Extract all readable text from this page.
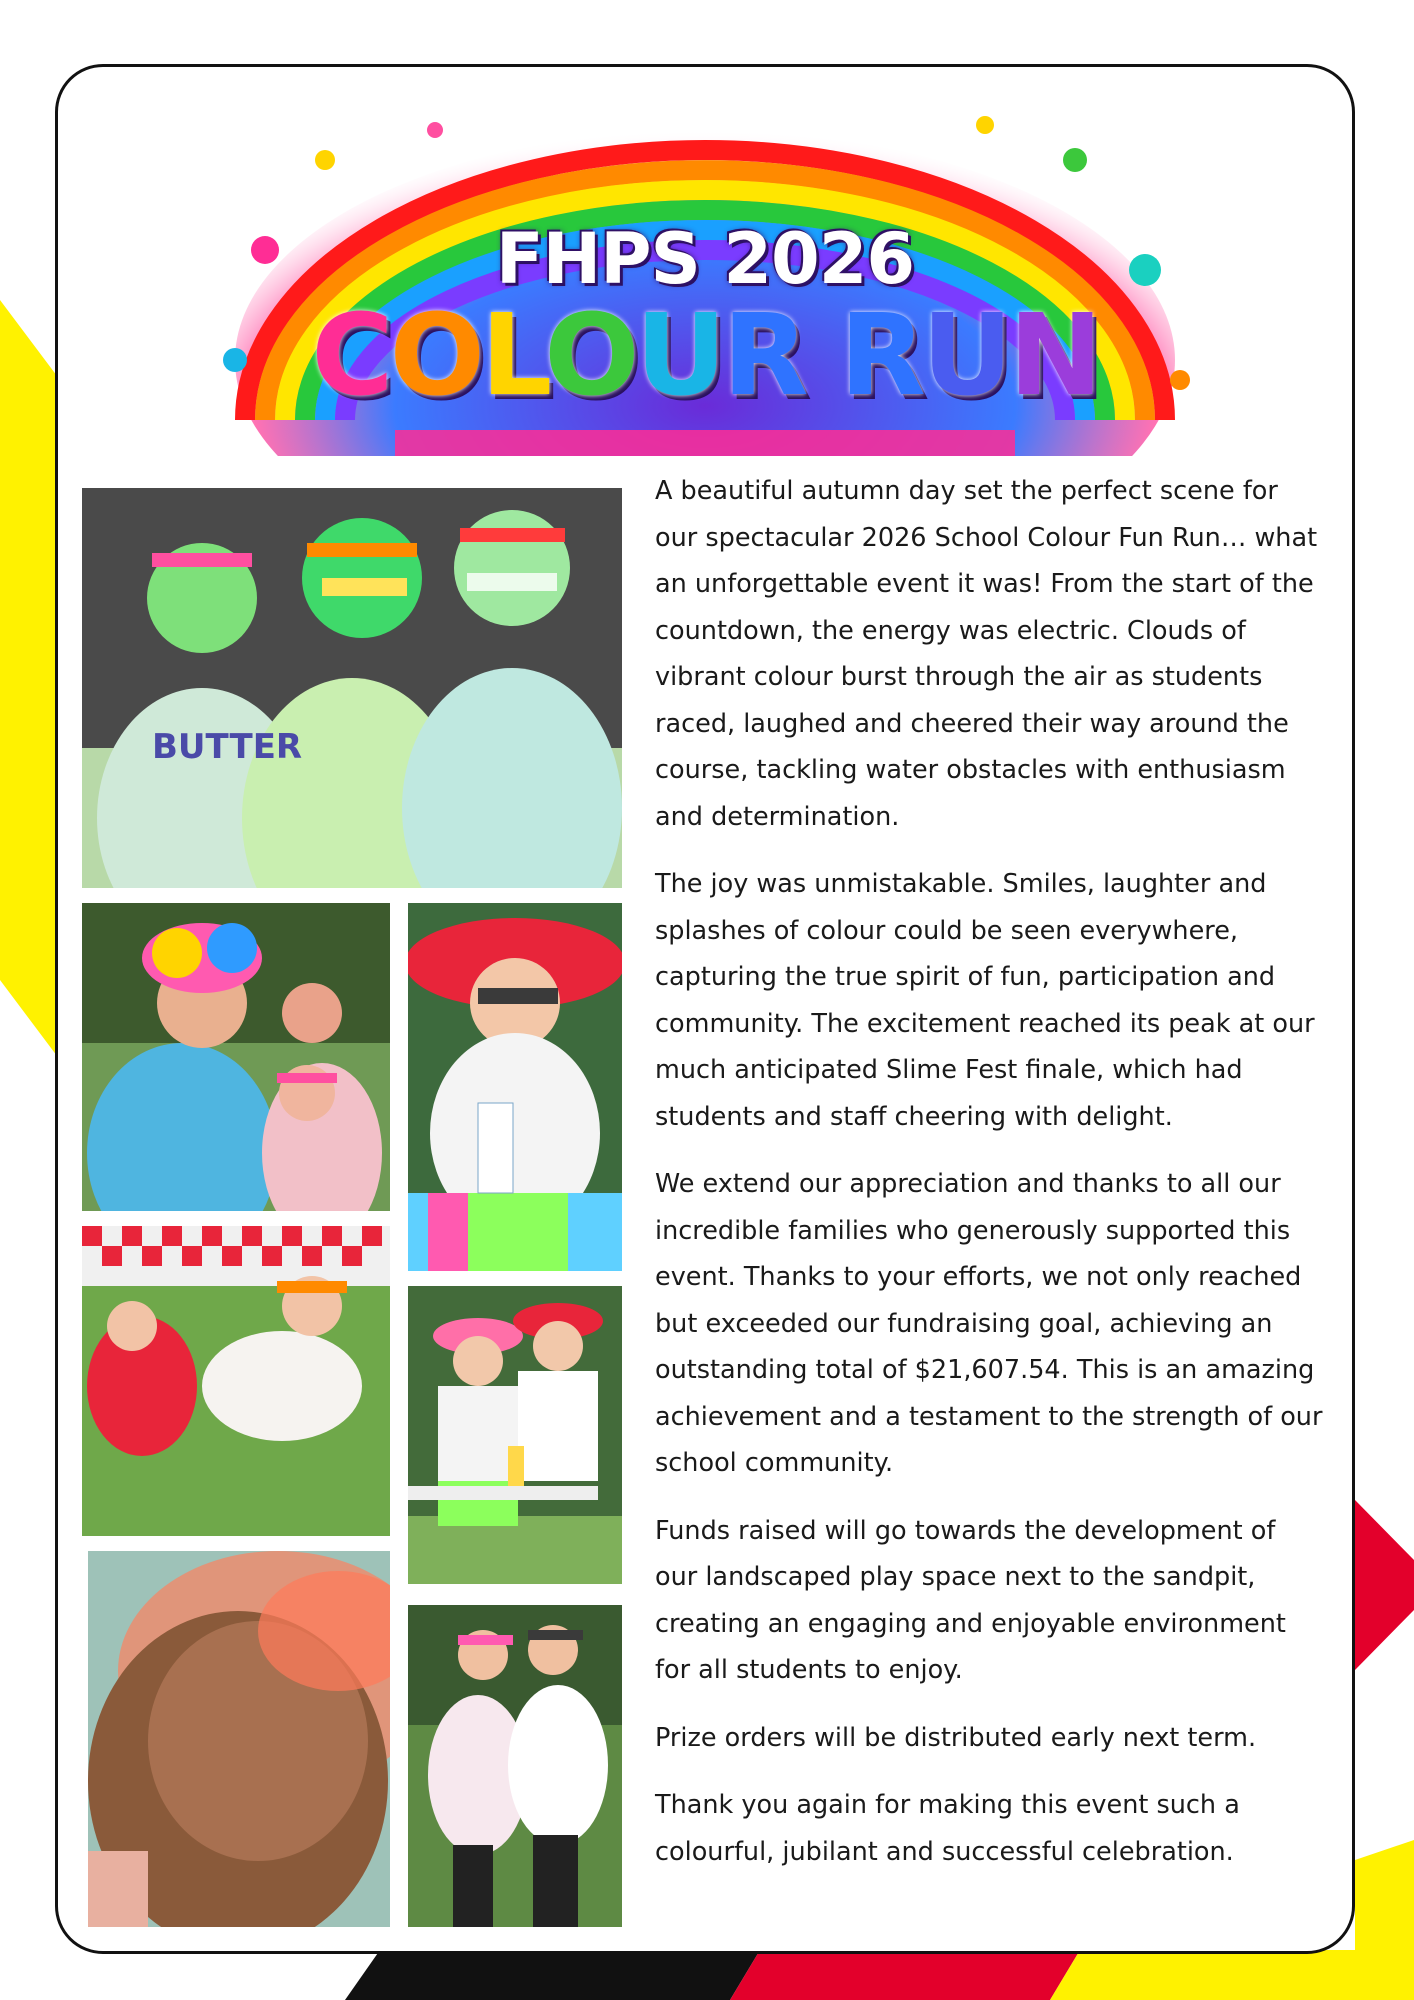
FHPS 2026
COLOUR RUN
BUTTER

A beautiful autumn day set the perfect scene for our spectacular 2026 School Colour Fun Run… what an unforgettable event it was! From the start of the countdown, the energy was electric. Clouds of vibrant colour burst through the air as students raced, laughed and cheered their way around the course, tackling water obstacles with enthusiasm and determination.

The joy was unmistakable. Smiles, laughter and splashes of colour could be seen everywhere, capturing the true spirit of fun, participation and community. The excitement reached its peak at our much anticipated Slime Fest finale, which had students and staff cheering with delight.

We extend our appreciation and thanks to all our incredible families who generously supported this event. Thanks to your efforts, we not only reached but exceeded our fundraising goal, achieving an outstanding total of $21,607.54. This is an amazing achievement and a testament to the strength of our school community.

Funds raised will go towards the development of our landscaped play space next to the sandpit, creating an engaging and enjoyable environment for all students to enjoy.

Prize orders will be distributed early next term.

Thank you again for making this event such a colourful, jubilant and successful celebration.
